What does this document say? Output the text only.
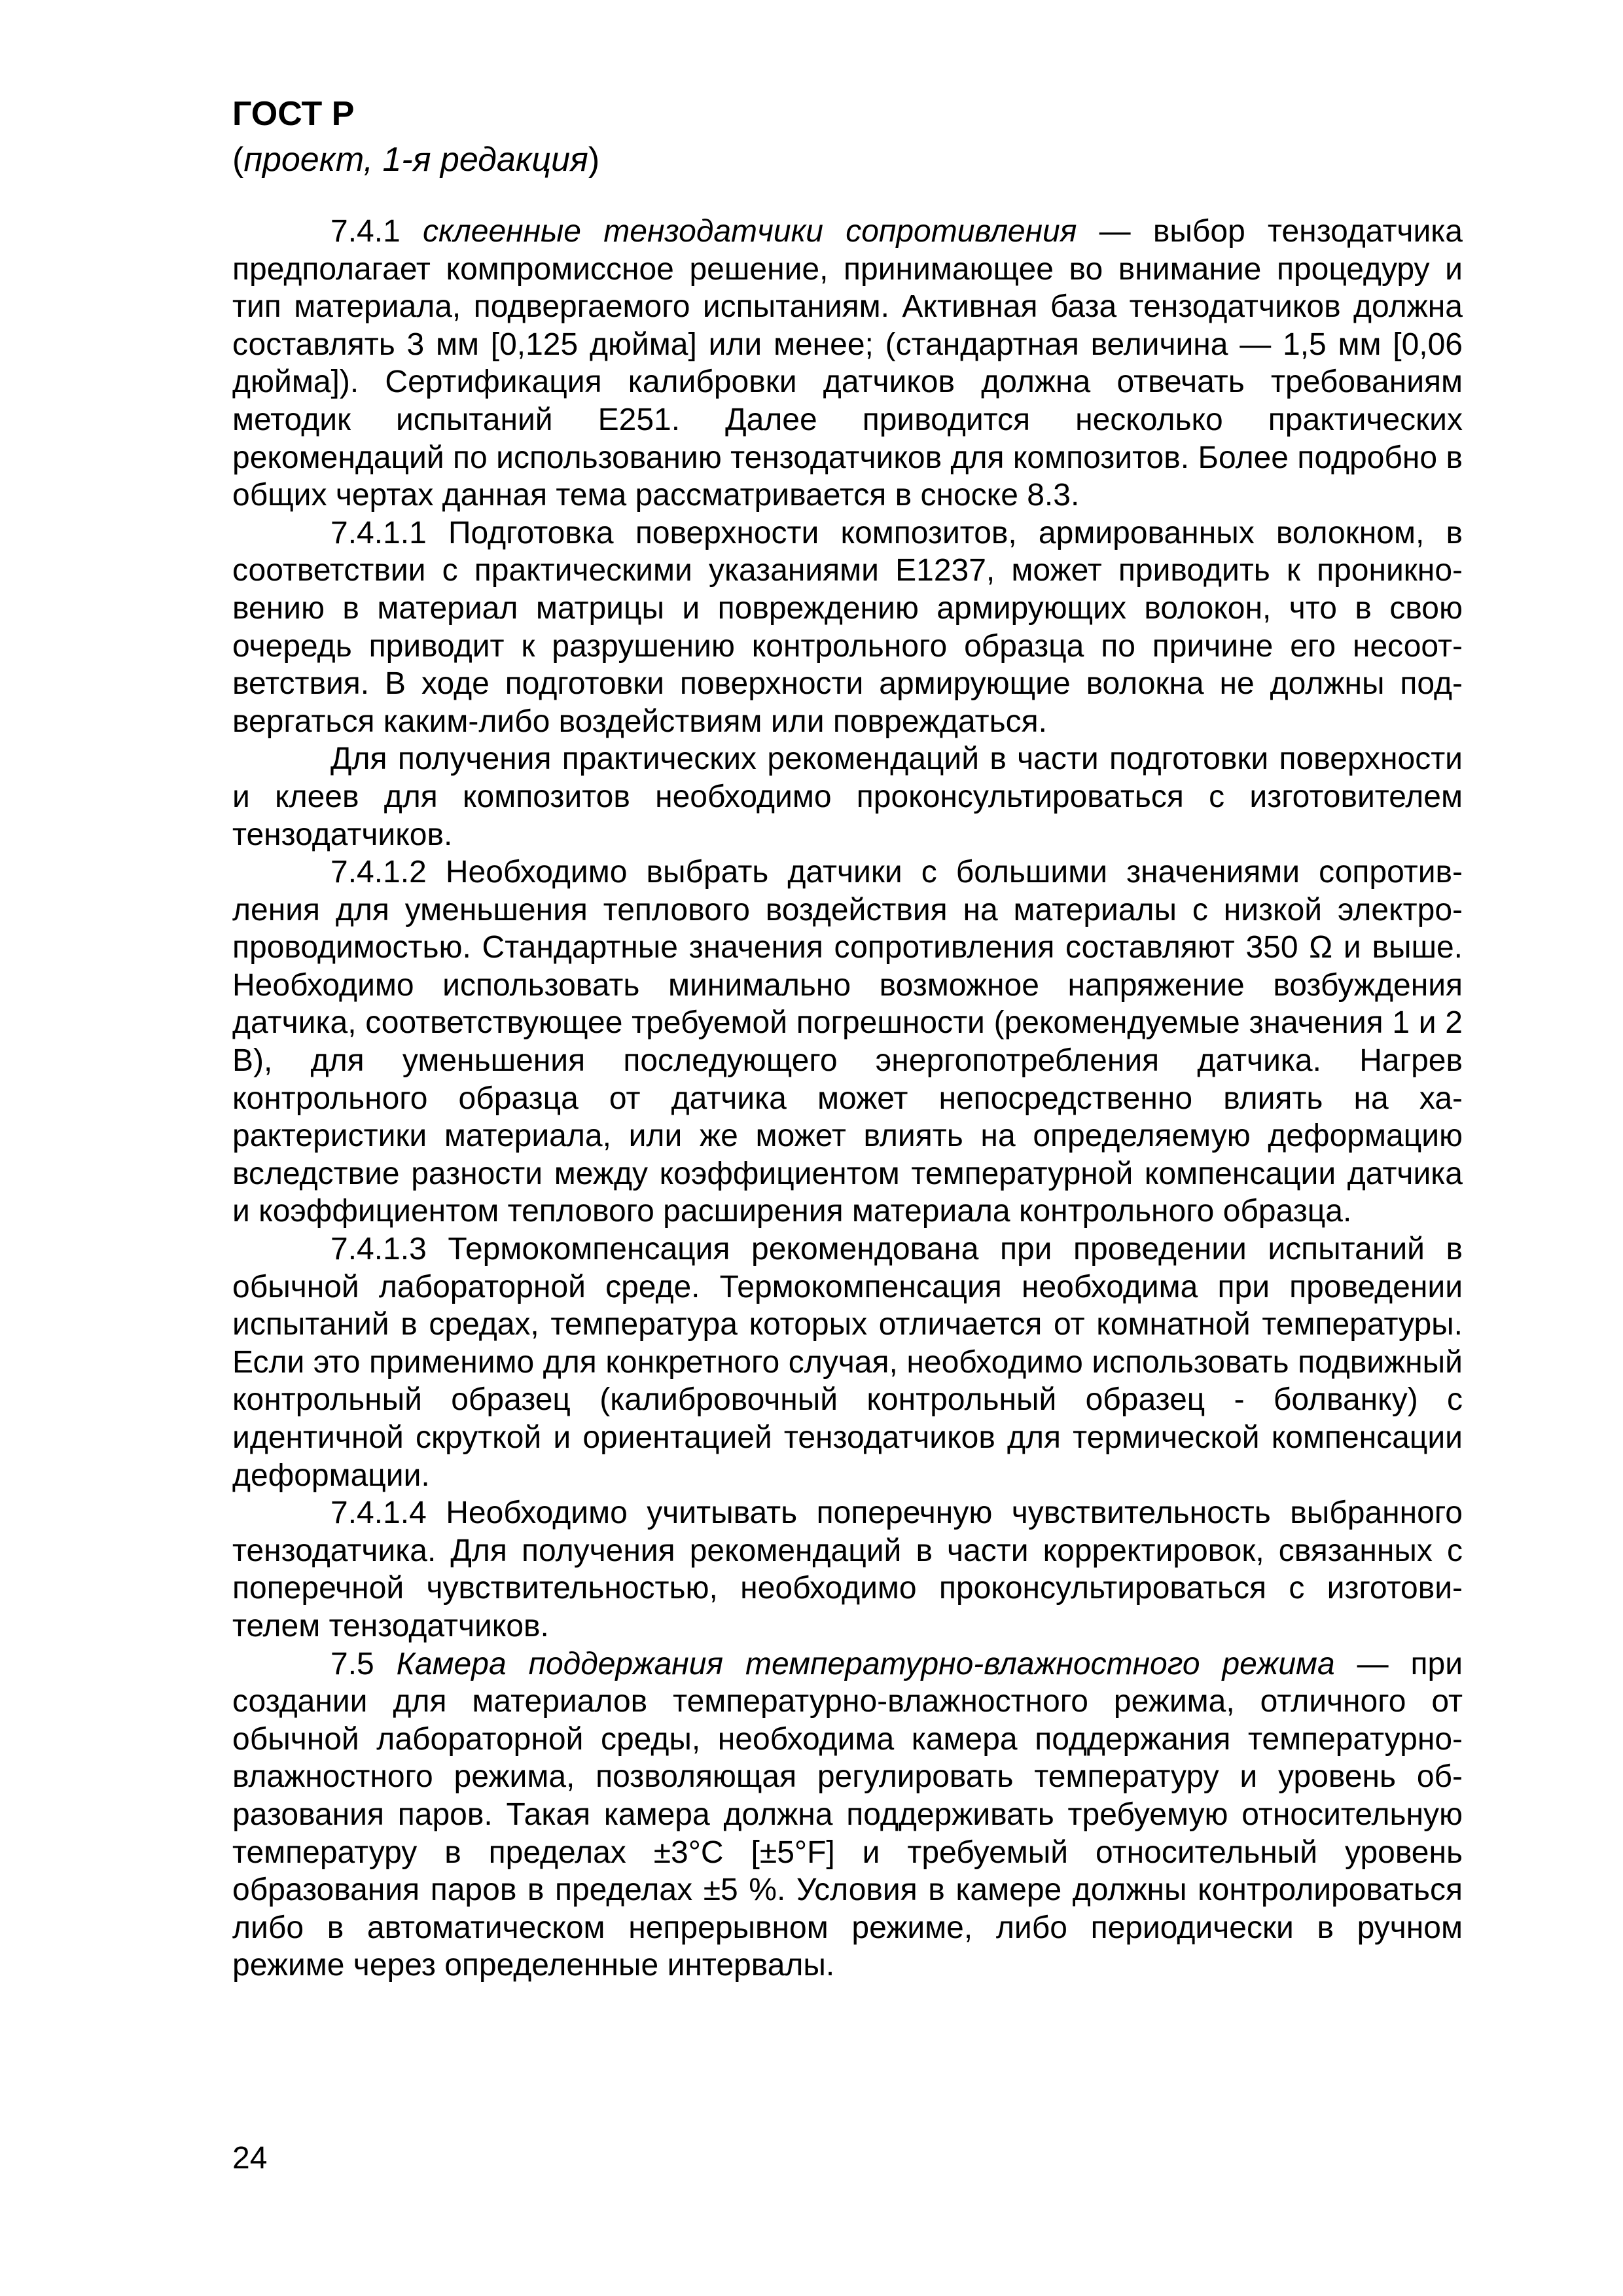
ГОСТ Р
(проект, 1-я редакция)

7.4.1 склеенные тензодатчики сопротивления — выбор тензодатчика предполагает компромиссное решение, принимающее во внимание процедуру и тип материала, подвергаемого испытаниям. Активная база тензодатчиков должна составлять 3 мм [0,125 дюйма] или менее; (стандартная величина — 1,5 мм [0,06 дюйма]). Сертификация калибровки датчиков должна отвечать требованиям методик испытаний E251. Далее приводится несколько практических рекомендаций по использованию тензодатчиков для композитов. Более подробно в общих чертах данная тема рассматривается в сноске 8.3.

7.4.1.1 Подготовка поверхности композитов, армированных волокном, в соответствии с практическими указаниями E1237, может приводить к проникновению в материал матрицы и повреждению армирующих волокон, что в свою очередь приводит к разрушению контрольного образца по причине его несоответствия. В ходе подготовки поверхности армирующие волокна не должны подвергаться каким-либо воздействиям или повреждаться.

Для получения практических рекомендаций в части подготовки поверхности и клеев для композитов необходимо проконсультироваться с изготовителем тензодатчиков.

7.4.1.2 Необходимо выбрать датчики с большими значениями сопротивления для уменьшения теплового воздействия на материалы с низкой электропроводимостью. Стандартные значения сопротивления составляют 350 Ω и выше. Необходимо использовать минимально возможное напряжение возбуждения датчика, соответствующее требуемой погрешности (рекомендуемые значения 1 и 2 В), для уменьшения последующего энергопотребления датчика. Нагрев контрольного образца от датчика может непосредственно влиять на характеристики материала, или же может влиять на определяемую деформацию вследствие разности между коэффициентом температурной компенсации датчика и коэффициентом теплового расширения материала контрольного образца.

7.4.1.3 Термокомпенсация рекомендована при проведении испытаний в обычной лабораторной среде. Термокомпенсация необходима при проведении испытаний в средах, температура которых отличается от комнатной температуры. Если это применимо для конкретного случая, необходимо использовать подвижный контрольный образец (калибровочный контрольный образец - болванку) с идентичной скруткой и ориентацией тензодатчиков для термической компенсации деформации.

7.4.1.4 Необходимо учитывать поперечную чувствительность выбранного тензодатчика. Для получения рекомендаций в части корректировок, связанных с поперечной чувствительностью, необходимо проконсультироваться с изготовителем тензодатчиков.

7.5 Камера поддержания температурно-влажностного режима — при создании для материалов температурно-влажностного режима, отличного от обычной лабораторной среды, необходима камера поддержания температурно-влажностного режима, позволяющая регулировать температуру и уровень образования паров. Такая камера должна поддерживать требуемую относительную температуру в пределах ±3°C [±5°F] и требуемый относительный уровень образования паров в пределах ±5 %. Условия в камере должны контролироваться либо в автоматическом непрерывном режиме, либо периодически в ручном режиме через определенные интервалы.

24
